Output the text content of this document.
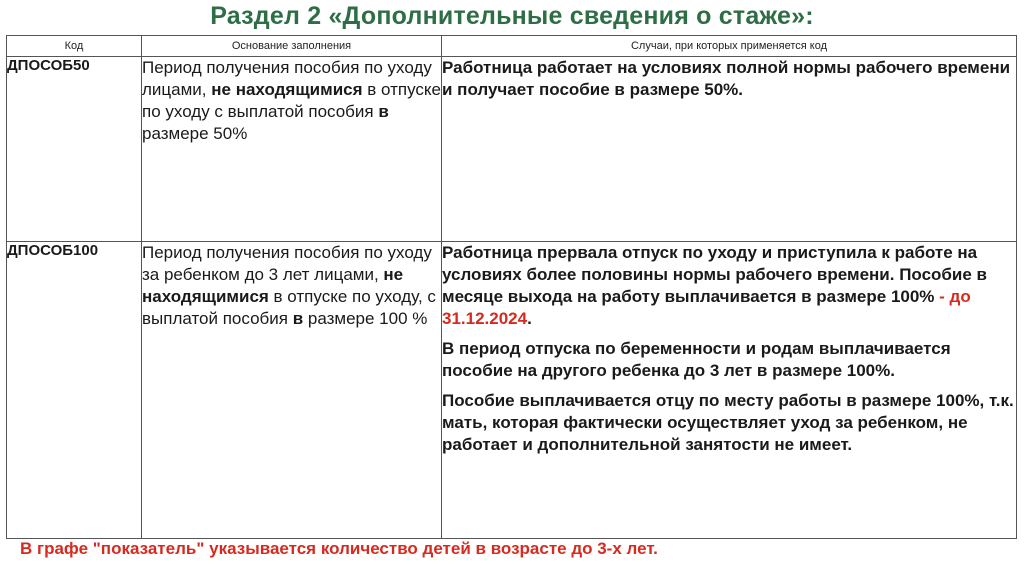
Раздел 2 «Дополнительные сведения о стаже»:
Код	Основание заполнения	Случаи, при которых применяется код
ДПОСОБ50	Период получения пособия по уходу лицами, не находящимися в отпуске по уходу с выплатой пособия в размере 50%	Работница работает на условиях полной нормы рабочего времени и получает пособие в размере 50%.

ДПОСОБ100	Период получения пособия по уходу за ребенком до 3 лет лицами, не находящимися в отпуске по уходу, с выплатой пособия в размере 100 %	Работница прервала отпуск по уходу и приступила к работе на условиях более половины нормы рабочего времени. Пособие в месяце выхода на работу выплачивается в размере 100% - до 31.12.2024.

В период отпуска по беременности и родам выплачивается пособие на другого ребенка до 3 лет в размере 100%.

Пособие выплачивается отцу по месту работы в размере 100%, т.к. мать, которая фактически осуществляет уход за ребенком, не работает и дополнительной занятости не имеет.

В графе "показатель" указывается количество детей в возрасте до 3-х лет.
